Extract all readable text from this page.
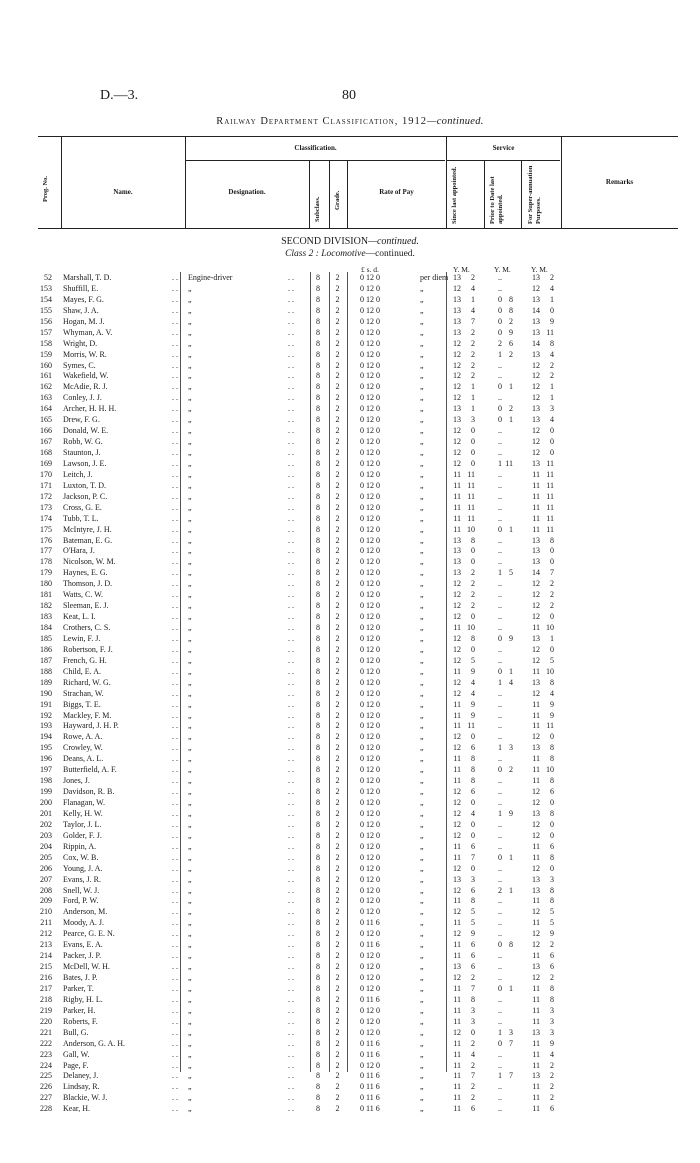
D.—3.	80
Railway Department Classification, 1912—continued.
Prog. No.	Name.
Classification.
Designation.
Subclass. Grade.	Rate of Pay
Service
Since last appointed.	Prior to Date last appointed.	For Super-annuation Purposes.
Remarks
SECOND DIVISION—continued.
Class 2 : Locomotive—continued.
£ s. d.	Y. M.	Y. M.	Y. M.
52 Marshall, T. D.	. . Engine-driver	. .	8	2	0 12 0	per diem 13	2	..	13	2
153 Shuffill, E.	. . „	. .	8	2	0 12 0	„	12	4	..	12	4
154 Mayes, F. G.	. . „	. .	8	2	0 12 0	„	13	1	0 8	13	1
155 Shaw, J. A.	. . „	. .	8	2	0 12 0	„	13	4	0 8	14	0
156 Hogan, M. J.	. . „	. .	8	2	0 12 0	„	13	7	0 2	13	9
157 Whyman, A. V.	. . „	. .	8	2	0 12 0	„	13	2	0 9	13 11
158 Wright, D.	. . „	. .	8	2	0 12 0	„	12	2	2 6	14	8
159 Morris, W. R.	. . „	. .	8	2	0 12 0	„	12	2	1 2	13	4
160 Symes, C.	. . „	. .	8	2	0 12 0	„	12	2	..	12	2
161 Wakefield, W.	. . „	. .	8	2	0 12 0	„	12	2	..	12	2
162 McAdie, R. J.	. . „	. .	8	2	0 12 0	„	12	1	0 1	12	1
163 Conley, J. J.	. . „	. .	8	2	0 12 0	„	12	1	..	12	1
164 Archer, H. H. H.	. . „	. .	8	2	0 12 0	„	13	1	0 2	13	3
165 Drew, F. G.	. . „	. .	8	2	0 12 0	„	13	3	0 1	13	4
166 Donald, W. E.	. . „	. .	8	2	0 12 0	„	12	0	..	12	0
167 Robb, W. G.	. . „	. .	8	2	0 12 0	„	12	0	..	12	0
168 Staunton, J.	. . „	. .	8	2	0 12 0	„	12	0	..	12	0
169 Lawson, J. E.	. . „	. .	8	2	0 12 0	„	12	0	1 11	13 11
170 Leitch, J.	. . „	. .	8	2	0 12 0	„	11 11	..	11 11
171 Luxton, T. D.	. . „	. .	8	2	0 12 0	„	11 11	..	11 11
172 Jackson, P. C.	. . „	. .	8	2	0 12 0	„	11 11	..	11 11
173 Cross, G. E.	. . „	. .	8	2	0 12 0	„	11 11	..	11 11
174 Tubb, T. L.	. . „	. .	8	2	0 12 0	„	11 11	..	11 11
175 McIntyre, J. H.	. . „	. .	8	2	0 12 0	„	11 10	0 1	11 11
176 Bateman, E. G.	. . „	. .	8	2	0 12 0	„	13	8	..	13	8
177 O'Hara, J.	. . „	. .	8	2	0 12 0	„	13	0	..	13	0
178 Nicolson, W. M.	. . „	. .	8	2	0 12 0	„	13	0	..	13	0
179 Haynes, E. G.	. . „	. .	8	2	0 12 0	„	13	2	1 5	14	7
180 Thomson, J. D.	. . „	. .	8	2	0 12 0	„	12	2	..	12	2
181 Watts, C. W.	. . „	. .	8	2	0 12 0	„	12	2	..	12	2
182 Sleeman, E. J.	. . „	. .	8	2	0 12 0	„	12	2	..	12	2
183 Keat, L. I.	. . „	. .	8	2	0 12 0	„	12	0	..	12	0
184 Crothers, C. S.	. . „	. .	8	2	0 12 0	„	11 10	..	11 10
185 Lewin, F. J.	. . „	. .	8	2	0 12 0	„	12	8	0 9	13	1
186 Robertson, F. J.	. . „	. .	8	2	0 12 0	„	12	0	..	12	0
187 French, G. H.	. . „	. .	8	2	0 12 0	„	12	5	..	12	5
188 Child, E. A.	. . „	. .	8	2	0 12 0	„	11	9	0 1	11 10
189 Richard, W. G.	. . „	. .	8	2	0 12 0	„	12	4	1 4	13	8
190 Strachan, W.	. . „	. .	8	2	0 12 0	„	12	4	..	12	4
191 Biggs, T. E.	. . „	. .	8	2	0 12 0	„	11	9	..	11	9
192 Mackley, F. M.	. . „	. .	8	2	0 12 0	„	11	9	..	11	9
193 Hayward, J. H. P.	. . „	. .	8	2	0 12 0	„	11 11	..	11 11
194 Rowe, A. A.	. . „	. .	8	2	0 12 0	„	12	0	..	12	0
195 Crowley, W.	. . „	. .	8	2	0 12 0	„	12	6	1 3	13	8
196 Deans, A. L.	. . „	. .	8	2	0 12 0	„	11	8	..	11	8
197 Butterfield, A. F.	. . „	. .	8	2	0 12 0	„	11	8	0 2	11 10
198 Jones, J.	. . „	. .	8	2	0 12 0	„	11	8	..	11	8
199 Davidson, R. B.	. . „	. .	8	2	0 12 0	„	12	6	..	12	6
200 Flanagan, W.	. . „	. .	8	2	0 12 0	„	12	0	..	12	0
201 Kelly, H. W.	. . „	. .	8	2	0 12 0	„	12	4	1 9	13	8
202 Taylor, J. L.	. . „	. .	8	2	0 12 0	„	12	0	..	12	0
203 Golder, F. J.	. . „	. .	8	2	0 12 0	„	12	0	..	12	0
204 Rippin, A.	. . „	. .	8	2	0 12 0	„	11	6	..	11	6
205 Cox, W. B.	. . „	. .	8	2	0 12 0	„	11	7	0 1	11	8
206 Young, J. A.	. . „	. .	8	2	0 12 0	„	12	0	..	12	0
207 Evans, J. R.	. . „	. .	8	2	0 12 0	„	13	3	..	13	3
208 Snell, W. J.	. . „	. .	8	2	0 12 0	„	12	6	2 1	13	8
209 Ford, P. W.	. . „	. .	8	2	0 12 0	„	11	8	..	11	8
210 Anderson, M.	. . „	. .	8	2	0 12 0	„	12	5	..	12	5
211 Moody, A. J.	. . „	. .	8	2	0 11 6	„	11	5	..	11	5
212 Pearce, G. E. N.	. . „	. .	8	2	0 12 0	„	12	9	..	12	9
213 Evans, E. A.	. . „	. .	8	2	0 11 6	„	11	6	0 8	12	2
214 Packer, J. P.	. . „	. .	8	2	0 12 0	„	11	6	..	11	6
215 McDell, W. H.	. . „	. .	8	2	0 12 0	„	13	6	..	13	6
216 Bates, J. P.	. . „	. .	8	2	0 12 0	„	12	2	..	12	2
217 Parker, T.	. . „	. .	8	2	0 12 0	„	11	7	0 1	11	8
218 Rigby, H. L.	. . „	. .	8	2	0 11 6	„	11	8	..	11	8
219 Parker, H.	. . „	. .	8	2	0 12 0	„	11	3	..	11	3
220 Roberts, F.	. . „	. .	8	2	0 12 0	„	11	3	..	11	3
221 Bull, G.	. . „	. .	8	2	0 12 0	„	12	0	1 3	13	3
222 Anderson, G. A. H.	. . „	. .	8	2	0 11 6	„	11	2	0 7	11	9
223 Gall, W.	. . „	. .	8	2	0 11 6	„	11	4	..	11	4
224 Page, F.	. . „	. .	8	2	0 12 0	„	11	2	..	11	2
225 Delaney, J.	. . „	. .	8	2	0 11 6	„	11	7	1 7	13	2
226 Lindsay, R.	. . „	. .	8	2	0 11 6	„	11	2	..	11	2
227 Blackie, W. J.	. . „	. .	8	2	0 11 6	„	11	2	..	11	2
228 Kear, H.	. . „	. .	8	2	0 11 6	„	11	6	..	11	6
